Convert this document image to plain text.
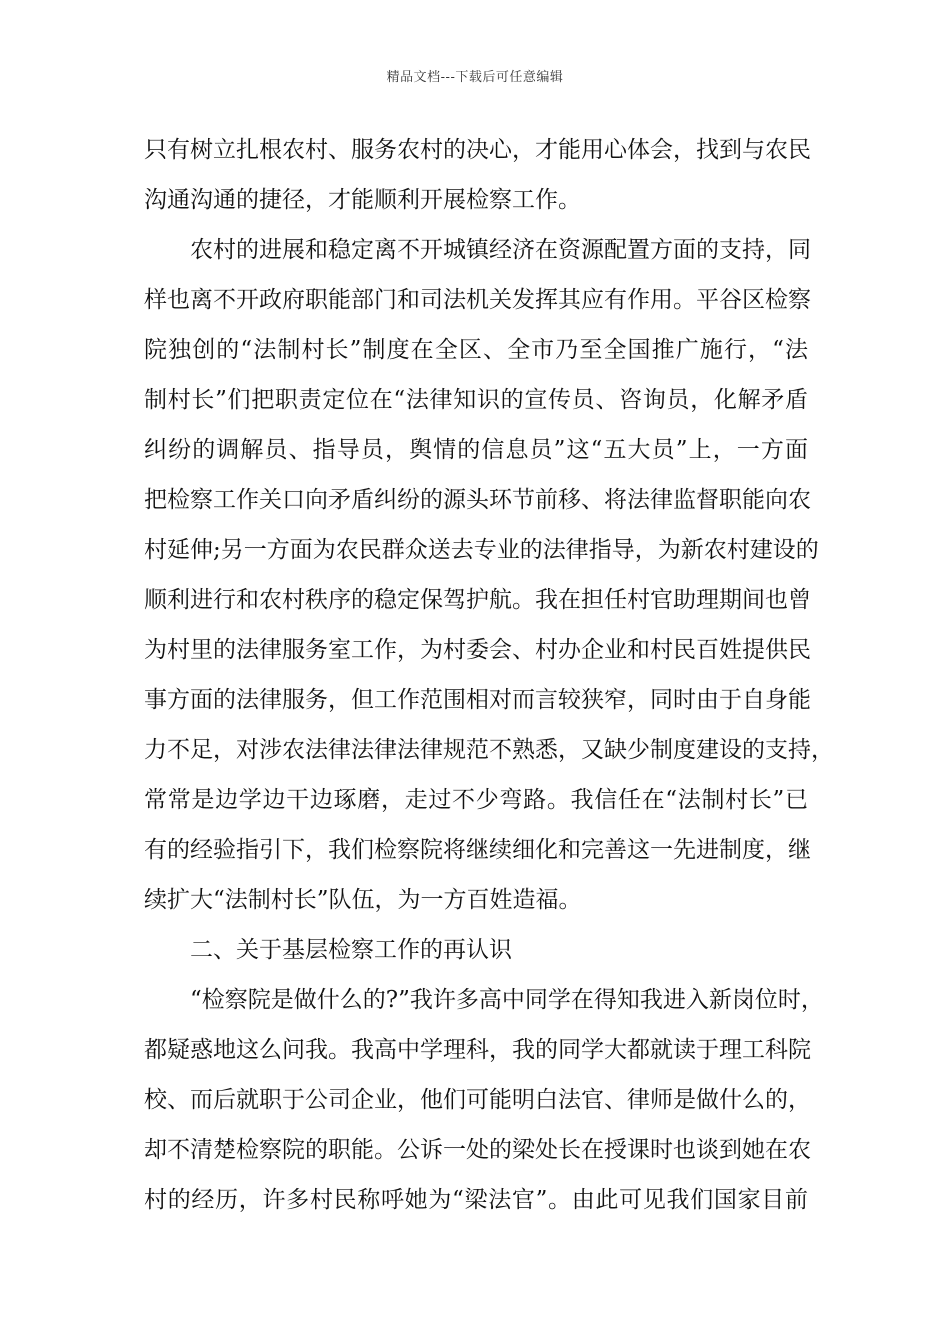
精品文档---下载后可任意编辑
只有树立扎根农村、服务农村的决心，才能用心体会，找到与农民
沟通沟通的捷径，才能顺利开展检察工作。
农村的进展和稳定离不开城镇经济在资源配置方面的支持，同
样也离不开政府职能部门和司法机关发挥其应有作用。平谷区检察
院独创的“法制村长”制度在全区、全市乃至全国推广施行，“法
制村长”们把职责定位在“法律知识的宣传员、咨询员，化解矛盾
纠纷的调解员、指导员，舆情的信息员”这“五大员”上，一方面
把检察工作关口向矛盾纠纷的源头环节前移、将法律监督职能向农
村延伸;另一方面为农民群众送去专业的法律指导，为新农村建设的
顺利进行和农村秩序的稳定保驾护航。我在担任村官助理期间也曾
为村里的法律服务室工作，为村委会、村办企业和村民百姓提供民
事方面的法律服务，但工作范围相对而言较狭窄，同时由于自身能
力不足，对涉农法律法律法律规范不熟悉，又缺少制度建设的支持，
常常是边学边干边琢磨，走过不少弯路。我信任在“法制村长”已
有的经验指引下，我们检察院将继续细化和完善这一先进制度，继
续扩大“法制村长”队伍，为一方百姓造福。
二、关于基层检察工作的再认识
“检察院是做什么的?”我许多高中同学在得知我进入新岗位时，
都疑惑地这么问我。我高中学理科，我的同学大都就读于理工科院
校、而后就职于公司企业，他们可能明白法官、律师是做什么的，
却不清楚检察院的职能。公诉一处的梁处长在授课时也谈到她在农
村的经历，许多村民称呼她为“梁法官”。由此可见我们国家目前
